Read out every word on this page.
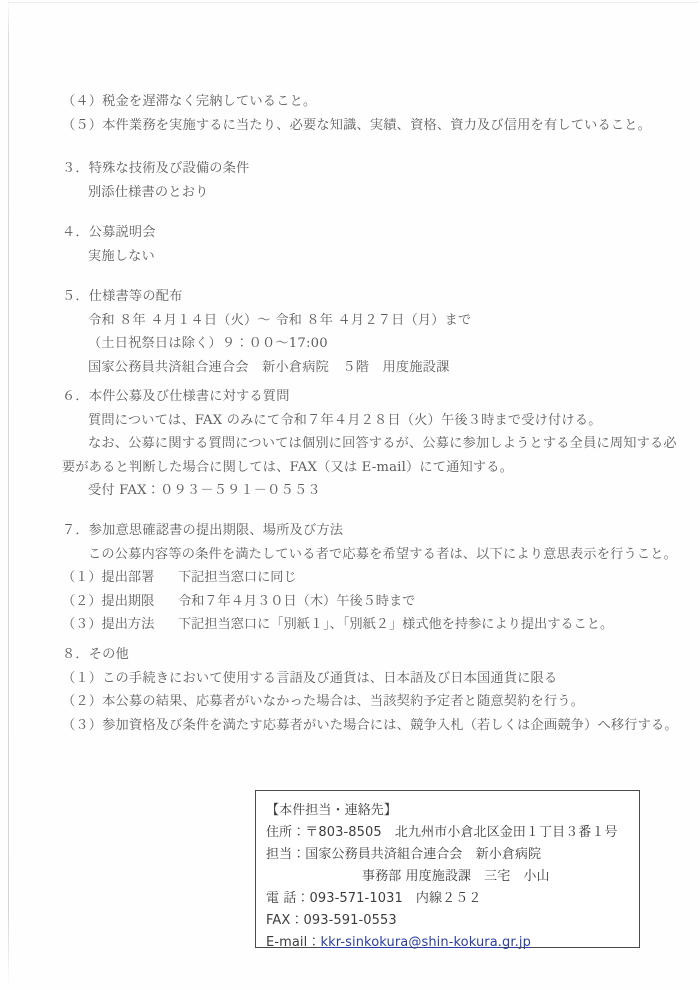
（４）税金を遅滞なく完納していること。
（５）本件業務を実施するに当たり、必要な知識、実績、資格、資力及び信用を有していること。
３．特殊な技術及び設備の条件
別添仕様書のとおり
４．公募説明会
実施しない
５．仕様書等の配布
令和 ８年 ４月１４日（火）～ 令和 ８年 ４月２７日（月）まで
（土日祝祭日は除く）９：００～17:00
国家公務員共済組合連合会　新小倉病院　５階　用度施設課
６．本件公募及び仕様書に対する質問
質問については、FAX のみにて令和７年４月２８日（火）午後３時まで受け付ける。
なお、公募に関する質問については個別に回答するが、公募に参加しようとする全員に周知する必
要があると判断した場合に関しては、FAX（又は E-mail）にて通知する。
受付 FAX：０９３－５９１－０５５３
７．参加意思確認書の提出期限、場所及び方法
この公募内容等の条件を満たしている者で応募を希望する者は、以下により意思表示を行うこと。
（１）提出部署	下記担当窓口に同じ
（２）提出期限	令和７年４月３０日（木）午後５時まで
（３）提出方法	下記担当窓口に「別紙１」、「別紙２」様式他を持参により提出すること。
８．その他
（１）この手続きにおいて使用する言語及び通貨は、日本語及び日本国通貨に限る
（２）本公募の結果、応募者がいなかった場合は、当該契約予定者と随意契約を行う。
（３）参加資格及び条件を満たす応募者がいた場合には、競争入札（若しくは企画競争）へ移行する。
【本件担当・連絡先】
住所：〒803-8505　北九州市小倉北区金田１丁目３番１号
担当：国家公務員共済組合連合会　新小倉病院
事務部 用度施設課　三宅　小山
電 話：093-571-1031　内線２５２
FAX：093-591-0553
E-mail：kkr-sinkokura@shin-kokura.gr.jp
